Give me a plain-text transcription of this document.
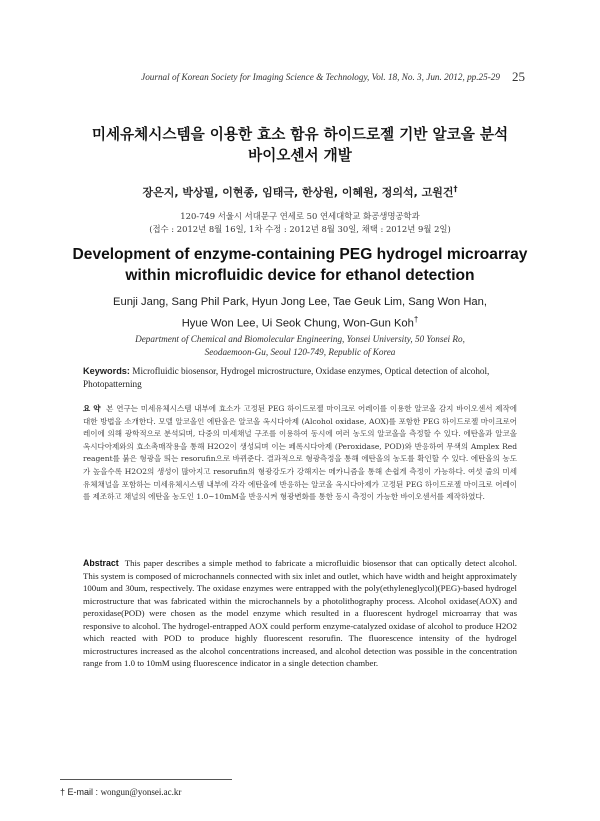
Journal of Korean Society for Imaging Science & Technology, Vol. 18, No. 3, Jun. 2012, pp.25-29 25
미세유체시스템을 이용한 효소 함유 하이드로젤 기반 알코올 분석
바이오센서 개발
장은지, 박상필, 이현종, 임태극, 한상원, 이혜원, 정의석, 고원건†
120-749 서울시 서대문구 연세로 50 연세대학교 화공생명공학과
(접수 : 2012년 8월 16일, 1차 수정 : 2012년 8월 30일, 채택 : 2012년 9월 2일)
Development of enzyme-containing PEG hydrogel microarray
within microfluidic device for ethanol detection
Eunji Jang, Sang Phil Park, Hyun Jong Lee, Tae Geuk Lim, Sang Won Han,
Hyue Won Lee, Ui Seok Chung, Won-Gun Koh†
Department of Chemical and Biomolecular Engineering, Yonsei University, 50 Yonsei Ro,
Seodaemoon-Gu, Seoul 120-749, Republic of Korea
Keywords: Microfluidic biosensor, Hydrogel microstructure, Oxidase enzymes, Optical detection of alcohol, Photopatterning
요 약 본 연구는 미세유체시스템 내부에 효소가 고정된 PEG 하이드로젤 마이크로 어레이를 이용한 알코올 감지 바이오센서 제작에 대한 방법을 소개한다. 모델 알코올인 에탄올은 알코올 옥시다아제 (Alcohol oxidase, AOX)를 포함한 PEG 하이드로젤 마이크로어레이에 의해 광학적으로 분석되며, 다중의 미세채널 구조를 이용하여 동시에 여러 농도의 알코올을 측정할 수 있다. 에탄올과 알코올 옥시다아제와의 효소촉매작용을 통해 H2O2이 생성되며 이는 페록시다아제 (Peroxidase, POD)와 반응하여 무색의 Amplex Red reagent를 붉은 형광을 띄는 resorufin으로 바뀌준다. 결과적으로 형광측정을 통해 에탄올의 농도를 확인할 수 있다. 에탄올의 농도가 높을수록 H2O2의 생성이 많아지고 resorufin의 형광강도가 강해지는 메카니즘을 통해 손쉽게 측정이 가능하다. 여섯 줄의 미세유체채널을 포함하는 미세유체시스템 내부에 각각 에탄올에 반응하는 알코올 옥시다아제가 고정된 PEG 하이드로젤 마이크로 어레이를 제조하고 채널의 에탄올 농도인 1.0~10mM을 반응시켜 형광변화를 통한 동시 측정이 가능한 바이오센서를 제작하였다.
Abstract This paper describes a simple method to fabricate a microfluidic biosensor that can optically detect alcohol. This system is composed of microchannels connected with six inlet and outlet, which have width and height approximately 100um and 30um, respectively. The oxidase enzymes were entrapped with the poly(ethyleneglycol)(PEG)-based hydrogel microstructure that was fabricated within the microchannels by a photolithography process. Alcohol oxidase(AOX) and peroxidase(POD) were chosen as the model enzyme which resulted in a fluorescent hydrogel microarray that was responsive to alcohol. The hydrogel-entrapped AOX could perform enzyme-catalyzed oxidase of alcohol to produce H2O2 which reacted with POD to produce highly fluorescent resorufin. The fluorescence intensity of the hydrogel microstructures increased as the alcohol concentrations increased, and alcohol detection was possible in the concentration range from 1.0 to 10mM using fluorescence indicator in a single detection chamber.
† E-mail : wongun@yonsei.ac.kr
